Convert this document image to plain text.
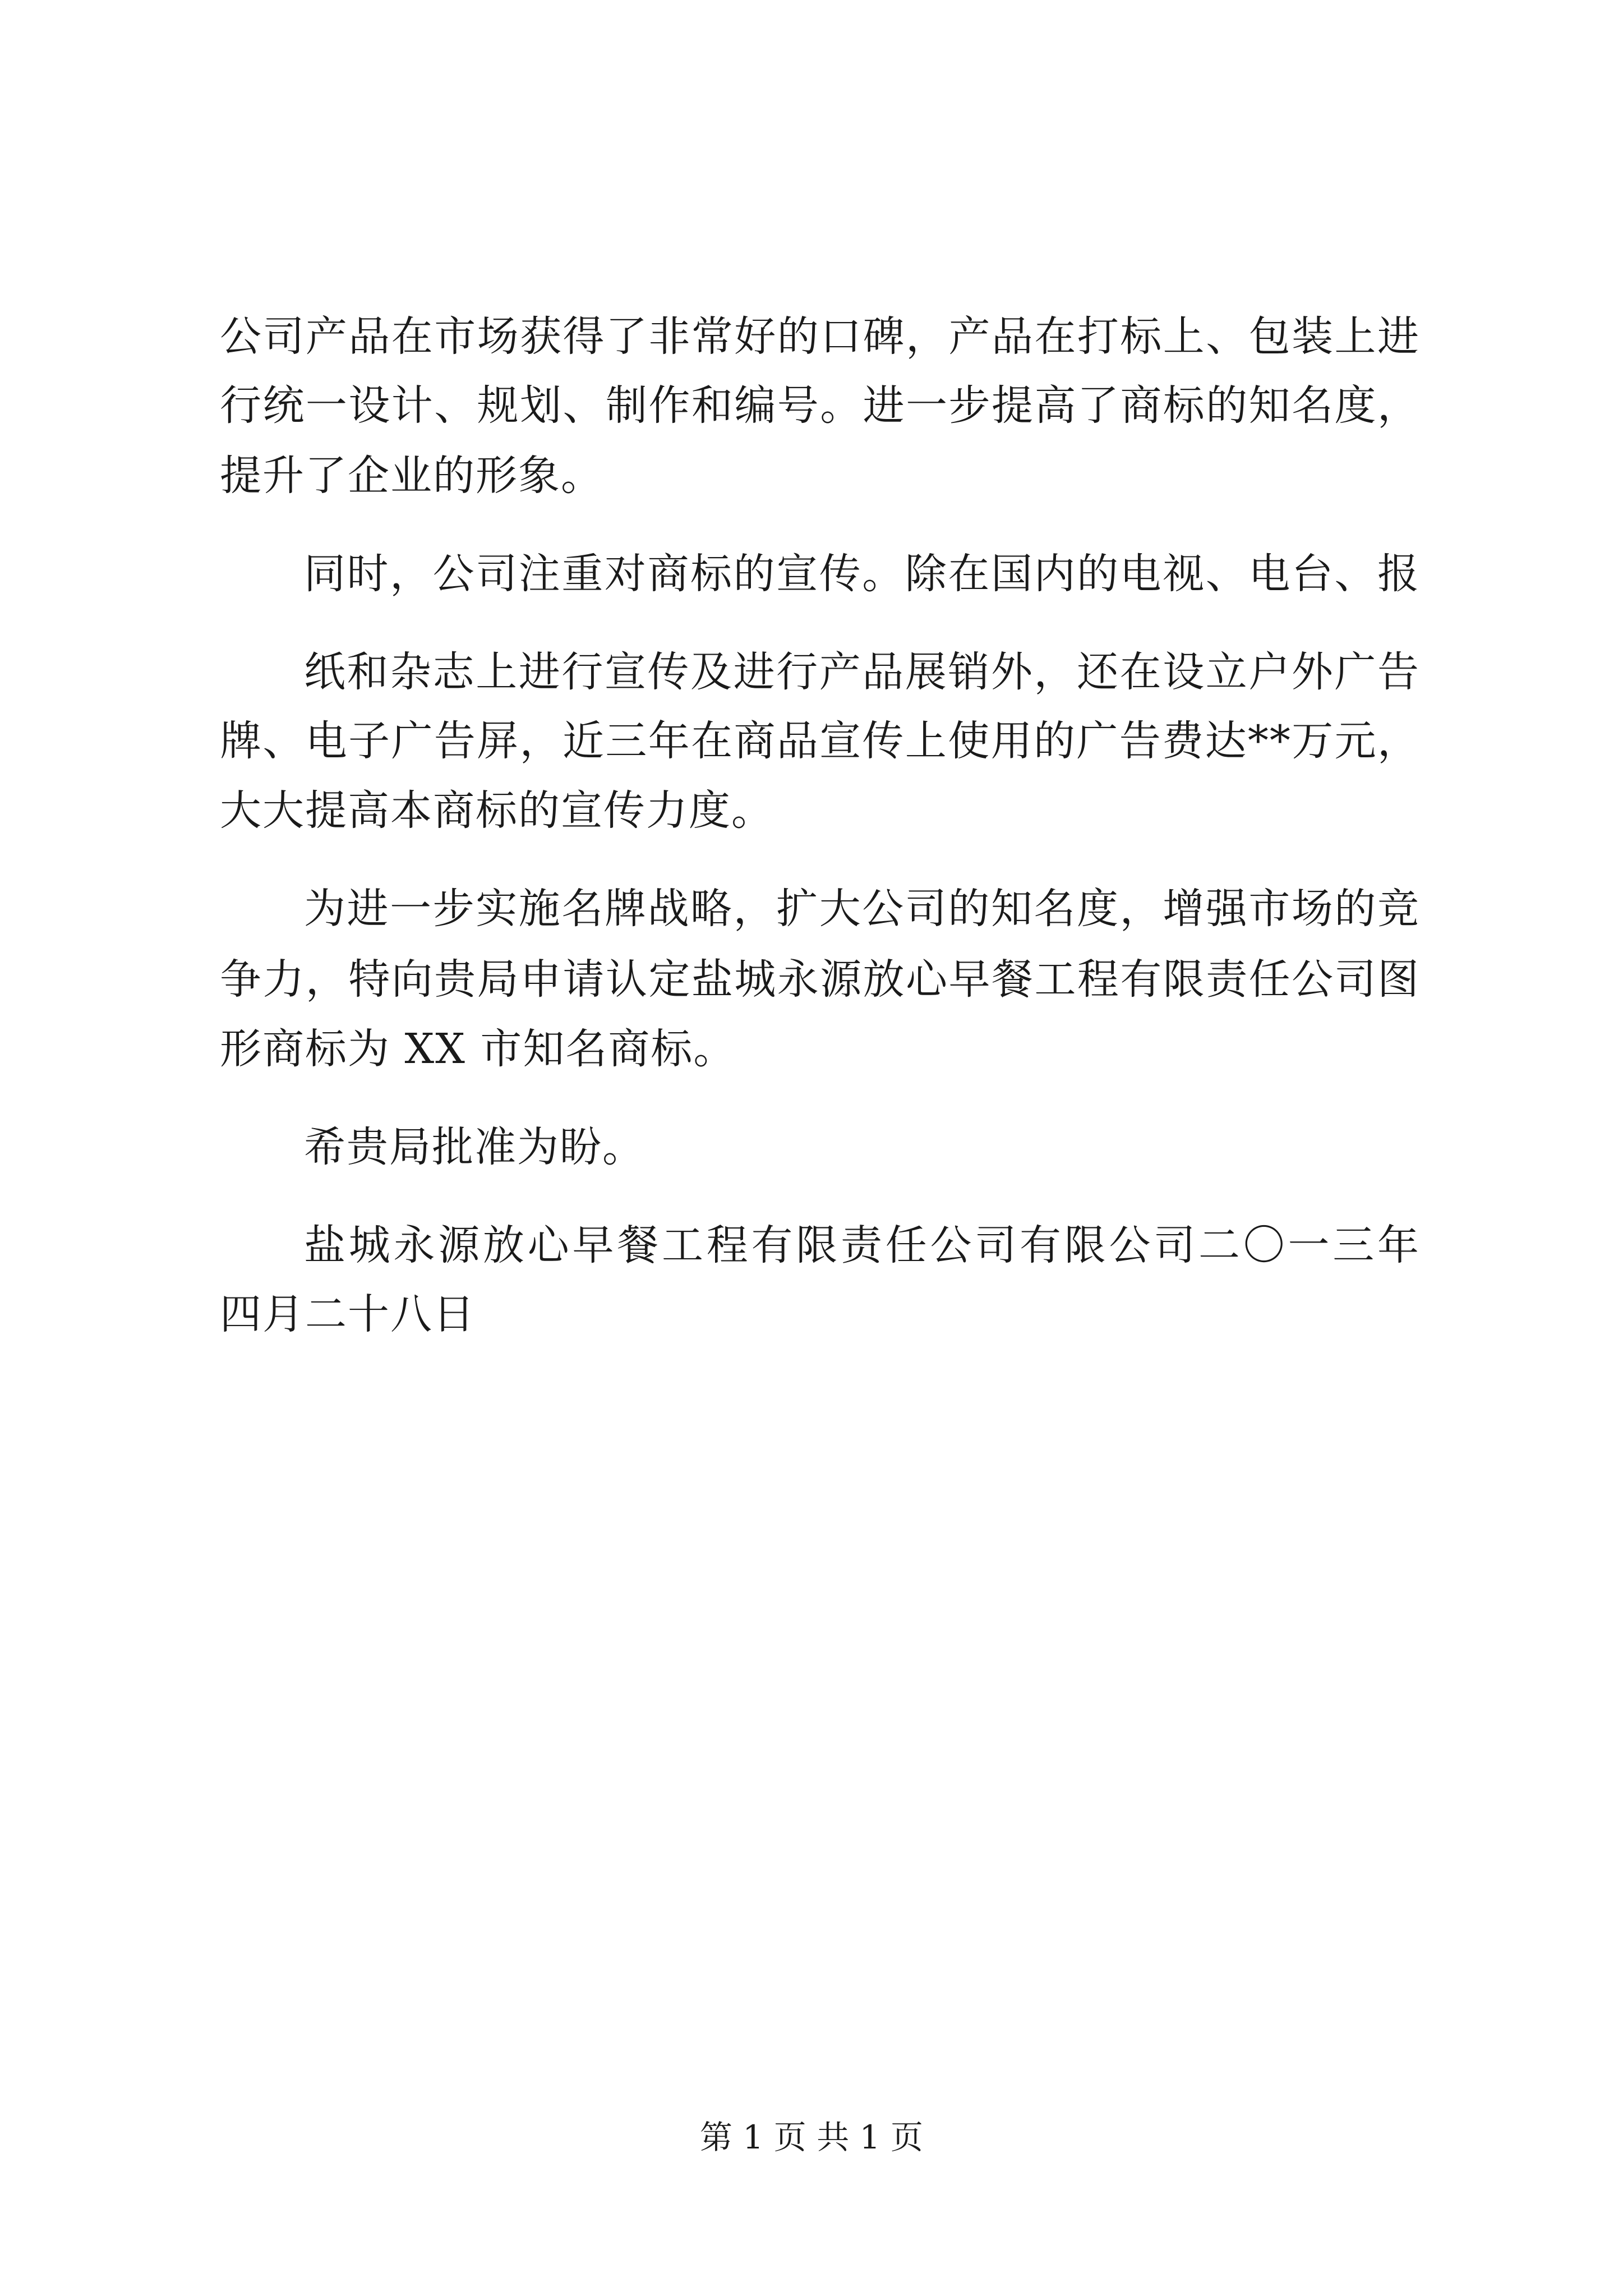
公司产品在市场获得了非常好的口碑，产品在打标上、包装上进
行统一设计、规划、制作和编号。进一步提高了商标的知名度，
提升了企业的形象。
同时，公司注重对商标的宣传。除在国内的电视、电台、报
纸和杂志上进行宣传及进行产品展销外，还在设立户外广告
牌、电子广告屏，近三年在商品宣传上使用的广告费达**万元，
大大提高本商标的宣传力度。
为进一步实施名牌战略，扩大公司的知名度，增强市场的竞
争力，特向贵局申请认定盐城永源放心早餐工程有限责任公司图
形商标为 XX 市知名商标。
希贵局批准为盼。
盐城永源放心早餐工程有限责任公司有限公司二〇一三年
四月二十八日
第 1 页 共 1 页
